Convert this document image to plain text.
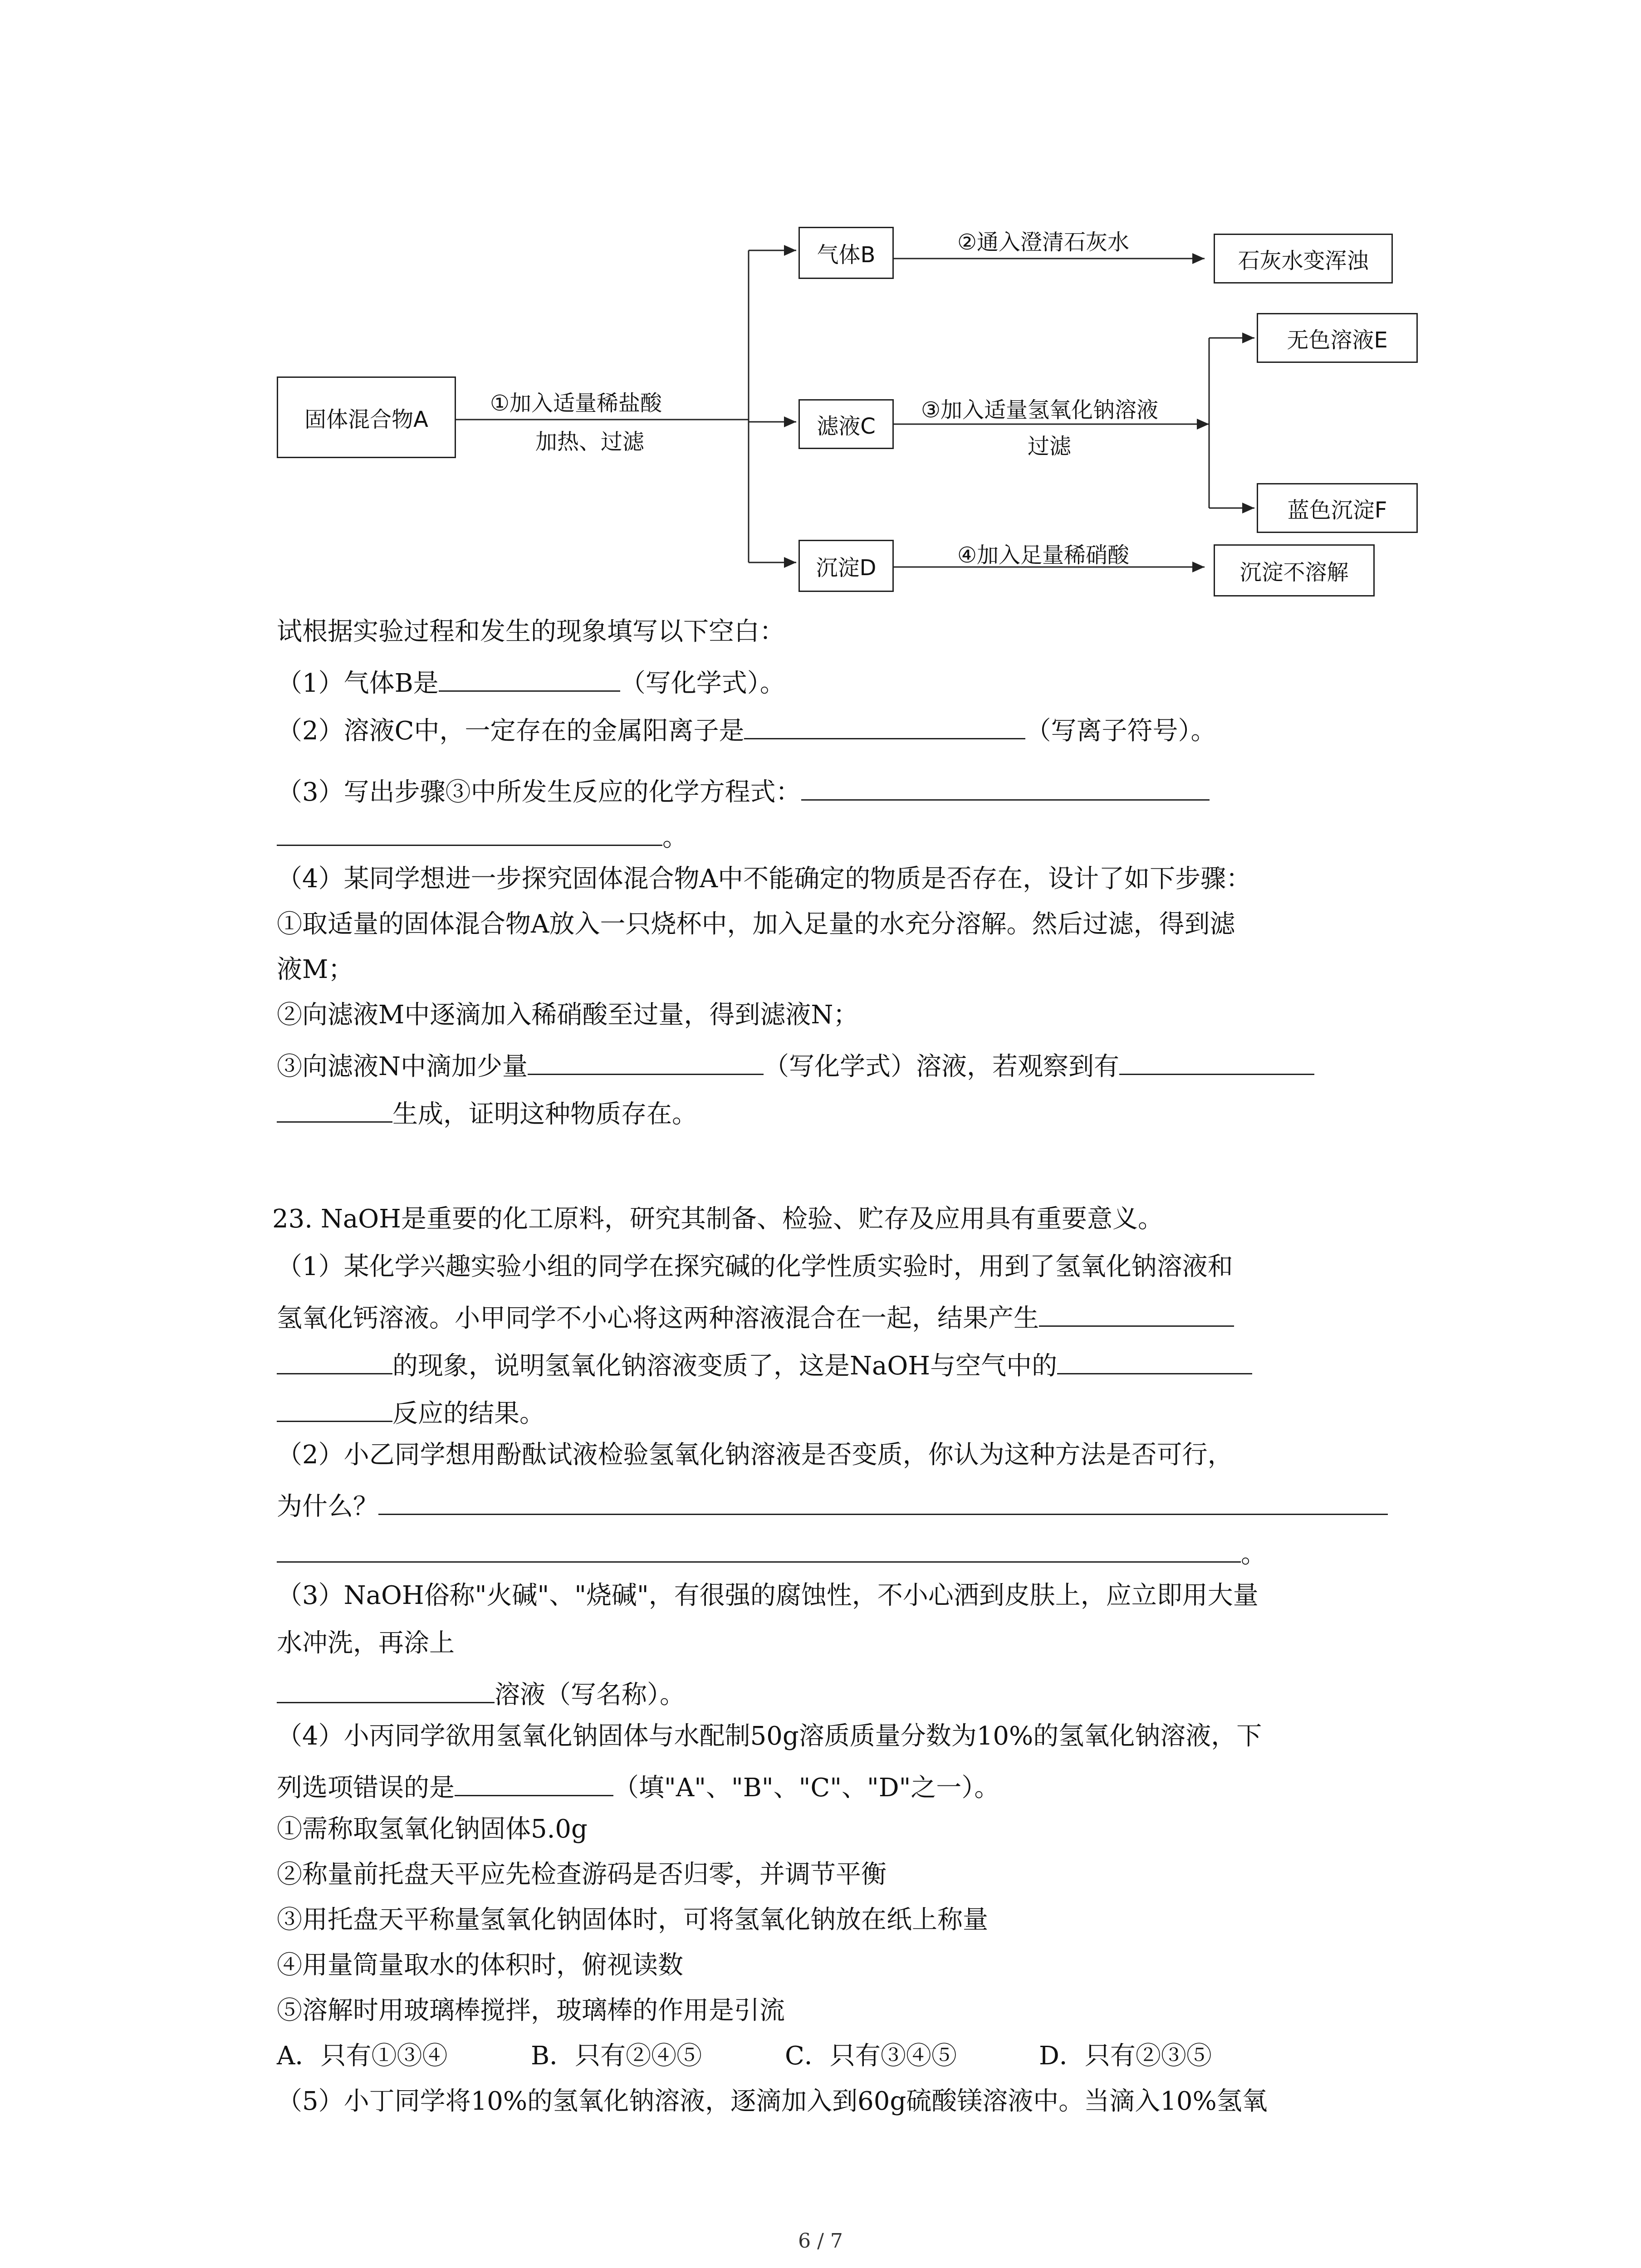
固体混合物A
气体B
滤液C
沉淀D
石灰水变浑浊
无色溶液E
蓝色沉淀F
沉淀不溶解
①加入适量稀盐酸
加热、过滤
②通入澄清石灰水
③加入适量氢氧化钠溶液
过滤
④加入足量稀硝酸
试根据实验过程和发生的现象填写以下空白：
（1）气体B是	（写化学式）。
（2）溶液C中，一定存在的金属阳离子是	（写离子符号）。
（3）写出步骤③中所发生反应的化学方程式：
。
（4）某同学想进一步探究固体混合物A中不能确定的物质是否存在，设计了如下步骤：
①取适量的固体混合物A放入一只烧杯中，加入足量的水充分溶解。然后过滤，得到滤
液M；
②向滤液M中逐滴加入稀硝酸至过量，得到滤液N；
③向滤液N中滴加少量	（写化学式）溶液，若观察到有
生成，证明这种物质存在。
23. NaOH是重要的化工原料，研究其制备、检验、贮存及应用具有重要意义。
（1）某化学兴趣实验小组的同学在探究碱的化学性质实验时，用到了氢氧化钠溶液和
氢氧化钙溶液。小甲同学不小心将这两种溶液混合在一起，结果产生
的现象，说明氢氧化钠溶液变质了，这是NaOH与空气中的
反应的结果。
（2）小乙同学想用酚酞试液检验氢氧化钠溶液是否变质，你认为这种方法是否可行，
为什么？
。
（3）NaOH俗称"火碱"、"烧碱"，有很强的腐蚀性，不小心洒到皮肤上，应立即用大量
水冲洗，再涂上
溶液（写名称）。
（4）小丙同学欲用氢氧化钠固体与水配制50g溶质质量分数为10%的氢氧化钠溶液，下
列选项错误的是	（填"A"、"B"、"C"、"D"之一）。
①需称取氢氧化钠固体5.0g
②称量前托盘天平应先检查游码是否归零，并调节平衡
③用托盘天平称量氢氧化钠固体时，可将氢氧化钠放在纸上称量
④用量筒量取水的体积时，俯视读数
⑤溶解时用玻璃棒搅拌，玻璃棒的作用是引流
A．只有①③④	B．只有②④⑤	C．只有③④⑤	D．只有②③⑤
（5）小丁同学将10%的氢氧化钠溶液，逐滴加入到60g硫酸镁溶液中。当滴入10%氢氧
6 / 7
